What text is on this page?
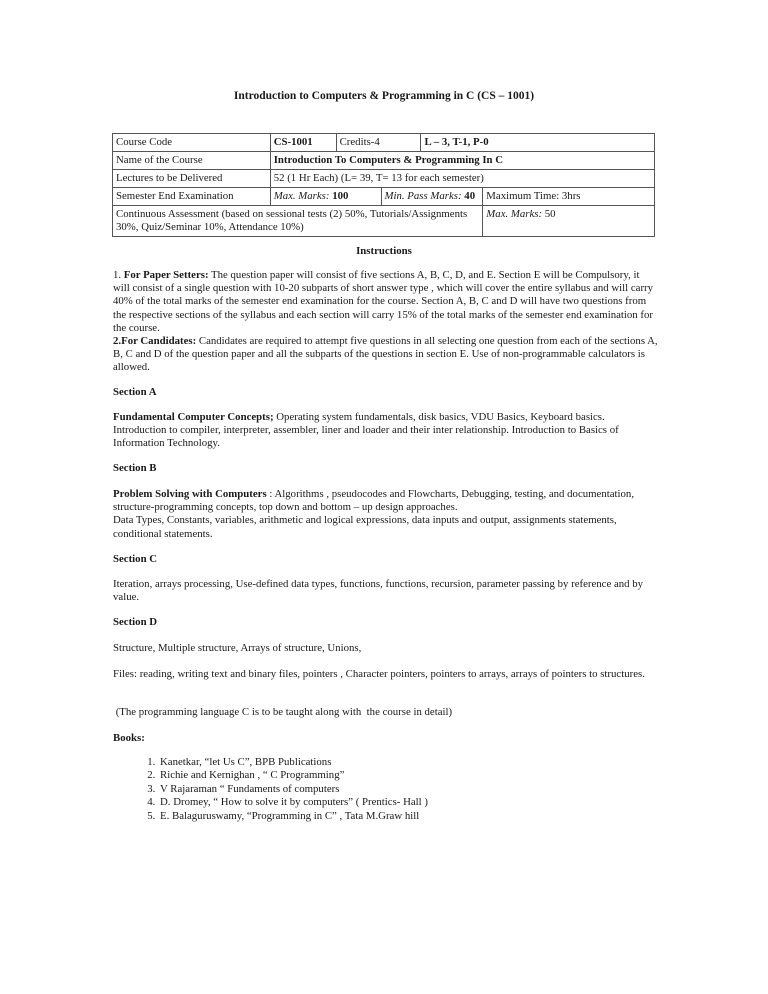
Introduction to Computers & Programming in C (CS – 1001)
Course Code	CS-1001	Credits-4		L – 3, T-1, P-0	
Name of the Course	Introduction To Computers & Programming In C				
Lectures to be Delivered	52 (1 Hr Each) (L= 39, T= 13 for each semester)				
Semester End Examination	Max. Marks: 100		Min. Pass Marks: 40		Maximum Time: 3hrs
Continuous Assessment (based on sessional tests (2) 50%, Tutorials/Assignments 30%, Quiz/Seminar 10%, Attendance 10%)					Max. Marks: 50
Instructions
1. For Paper Setters: The question paper will consist of five sections A, B, C, D, and E. Section E will be Compulsory, it will consist of a single question with 10-20 subparts of short answer type , which will cover the entire syllabus and will carry 40% of the total marks of the semester end examination for the course. Section A, B, C and D will have two questions from the respective sections of the syllabus and each section will carry 15% of the total marks of the semester end examination for the course.
2.For Candidates: Candidates are required to attempt five questions in all selecting one question from each of the sections A, B, C and D of the question paper and all the subparts of the questions in section E. Use of non-programmable calculators is allowed.
Section A
Fundamental Computer Concepts; Operating system fundamentals, disk basics, VDU Basics, Keyboard basics. Introduction to compiler, interpreter, assembler, liner and loader and their inter relationship. Introduction to Basics of Information Technology.
Section B
Problem Solving with Computers : Algorithms , pseudocodes and Flowcharts, Debugging, testing, and documentation, structure-programming concepts, top down and bottom – up design approaches.
Data Types, Constants, variables, arithmetic and logical expressions, data inputs and output, assignments statements, conditional statements.
Section C
Iteration, arrays processing, Use-defined data types, functions, functions, recursion, parameter passing by reference and by value.
Section D
Structure, Multiple structure, Arrays of structure, Unions,
Files: reading, writing text and binary files, pointers , Character pointers, pointers to arrays, arrays of pointers to structures.
(The programming language C is to be taught along with  the course in detail)
Books:
1. Kanetkar, “let Us C”, BPB Publications
2. Richie and Kernighan , “ C Programming”
3. V Rajaraman “ Fundaments of computers
4. D. Dromey, “ How to solve it by computers” ( Prentics- Hall )
5. E. Balaguruswamy, “Programming in C” , Tata M.Graw hill
